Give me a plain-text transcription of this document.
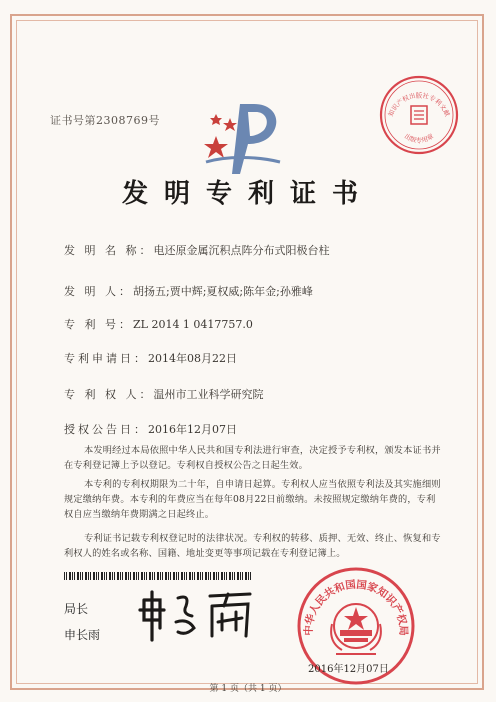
证书号第2308769号
知识产权出版社专利文献
出版专用章
发明专利证书
发 明 名 称：电还原金属沉积点阵分布式阳极台柱
发 明 人：胡扬五;贾中辉;夏权威;陈年金;孙雅峰
专 利 号：ZL 2014 1 0417757.0
专利申请日：2014年08月22日
专 利 权 人：温州市工业科学研究院
授权公告日：2016年12月07日
本发明经过本局依照中华人民共和国专利法进行审查，决定授予专利权，颁发本证书并在专利登记簿上予以登记。专利权自授权公告之日起生效。
本专利的专利权期限为二十年，自申请日起算。专利权人应当依照专利法及其实施细则规定缴纳年费。本专利的年费应当在每年08月22日前缴纳。未按照规定缴纳年费的，专利权自应当缴纳年费期满之日起终止。
专利证书记载专利权登记时的法律状况。专利权的转移、质押、无效、终止、恢复和专利权人的姓名或名称、国籍、地址变更等事项记载在专利登记簿上。
局长
申长雨	中华人民共和国国家知识产权局
2016年12月07日
第 1 页（共 1 页）
